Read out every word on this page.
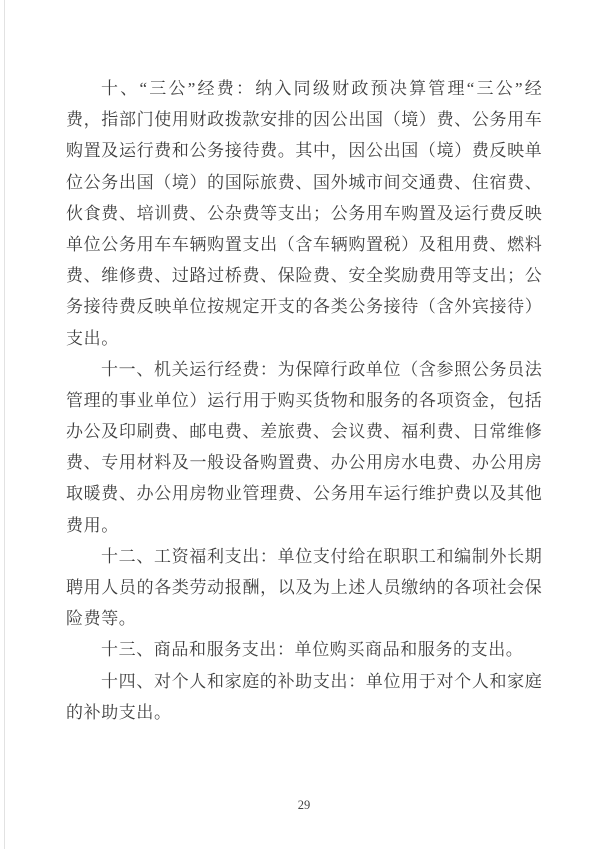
十、“三公”经费：纳入同级财政预决算管理“三公”经
费，指部门使用财政拨款安排的因公出国（境）费、公务用车
购置及运行费和公务接待费。其中，因公出国（境）费反映单
位公务出国（境）的国际旅费、国外城市间交通费、住宿费、
伙食费、培训费、公杂费等支出；公务用车购置及运行费反映
单位公务用车车辆购置支出（含车辆购置税）及租用费、燃料
费、维修费、过路过桥费、保险费、安全奖励费用等支出；公
务接待费反映单位按规定开支的各类公务接待（含外宾接待）
支出。
十一、机关运行经费：为保障行政单位（含参照公务员法
管理的事业单位）运行用于购买货物和服务的各项资金，包括
办公及印刷费、邮电费、差旅费、会议费、福利费、日常维修
费、专用材料及一般设备购置费、办公用房水电费、办公用房
取暖费、办公用房物业管理费、公务用车运行维护费以及其他
费用。
十二、工资福利支出：单位支付给在职职工和编制外长期
聘用人员的各类劳动报酬，以及为上述人员缴纳的各项社会保
险费等。
十三、商品和服务支出：单位购买商品和服务的支出。
十四、对个人和家庭的补助支出：单位用于对个人和家庭
的补助支出。
29
